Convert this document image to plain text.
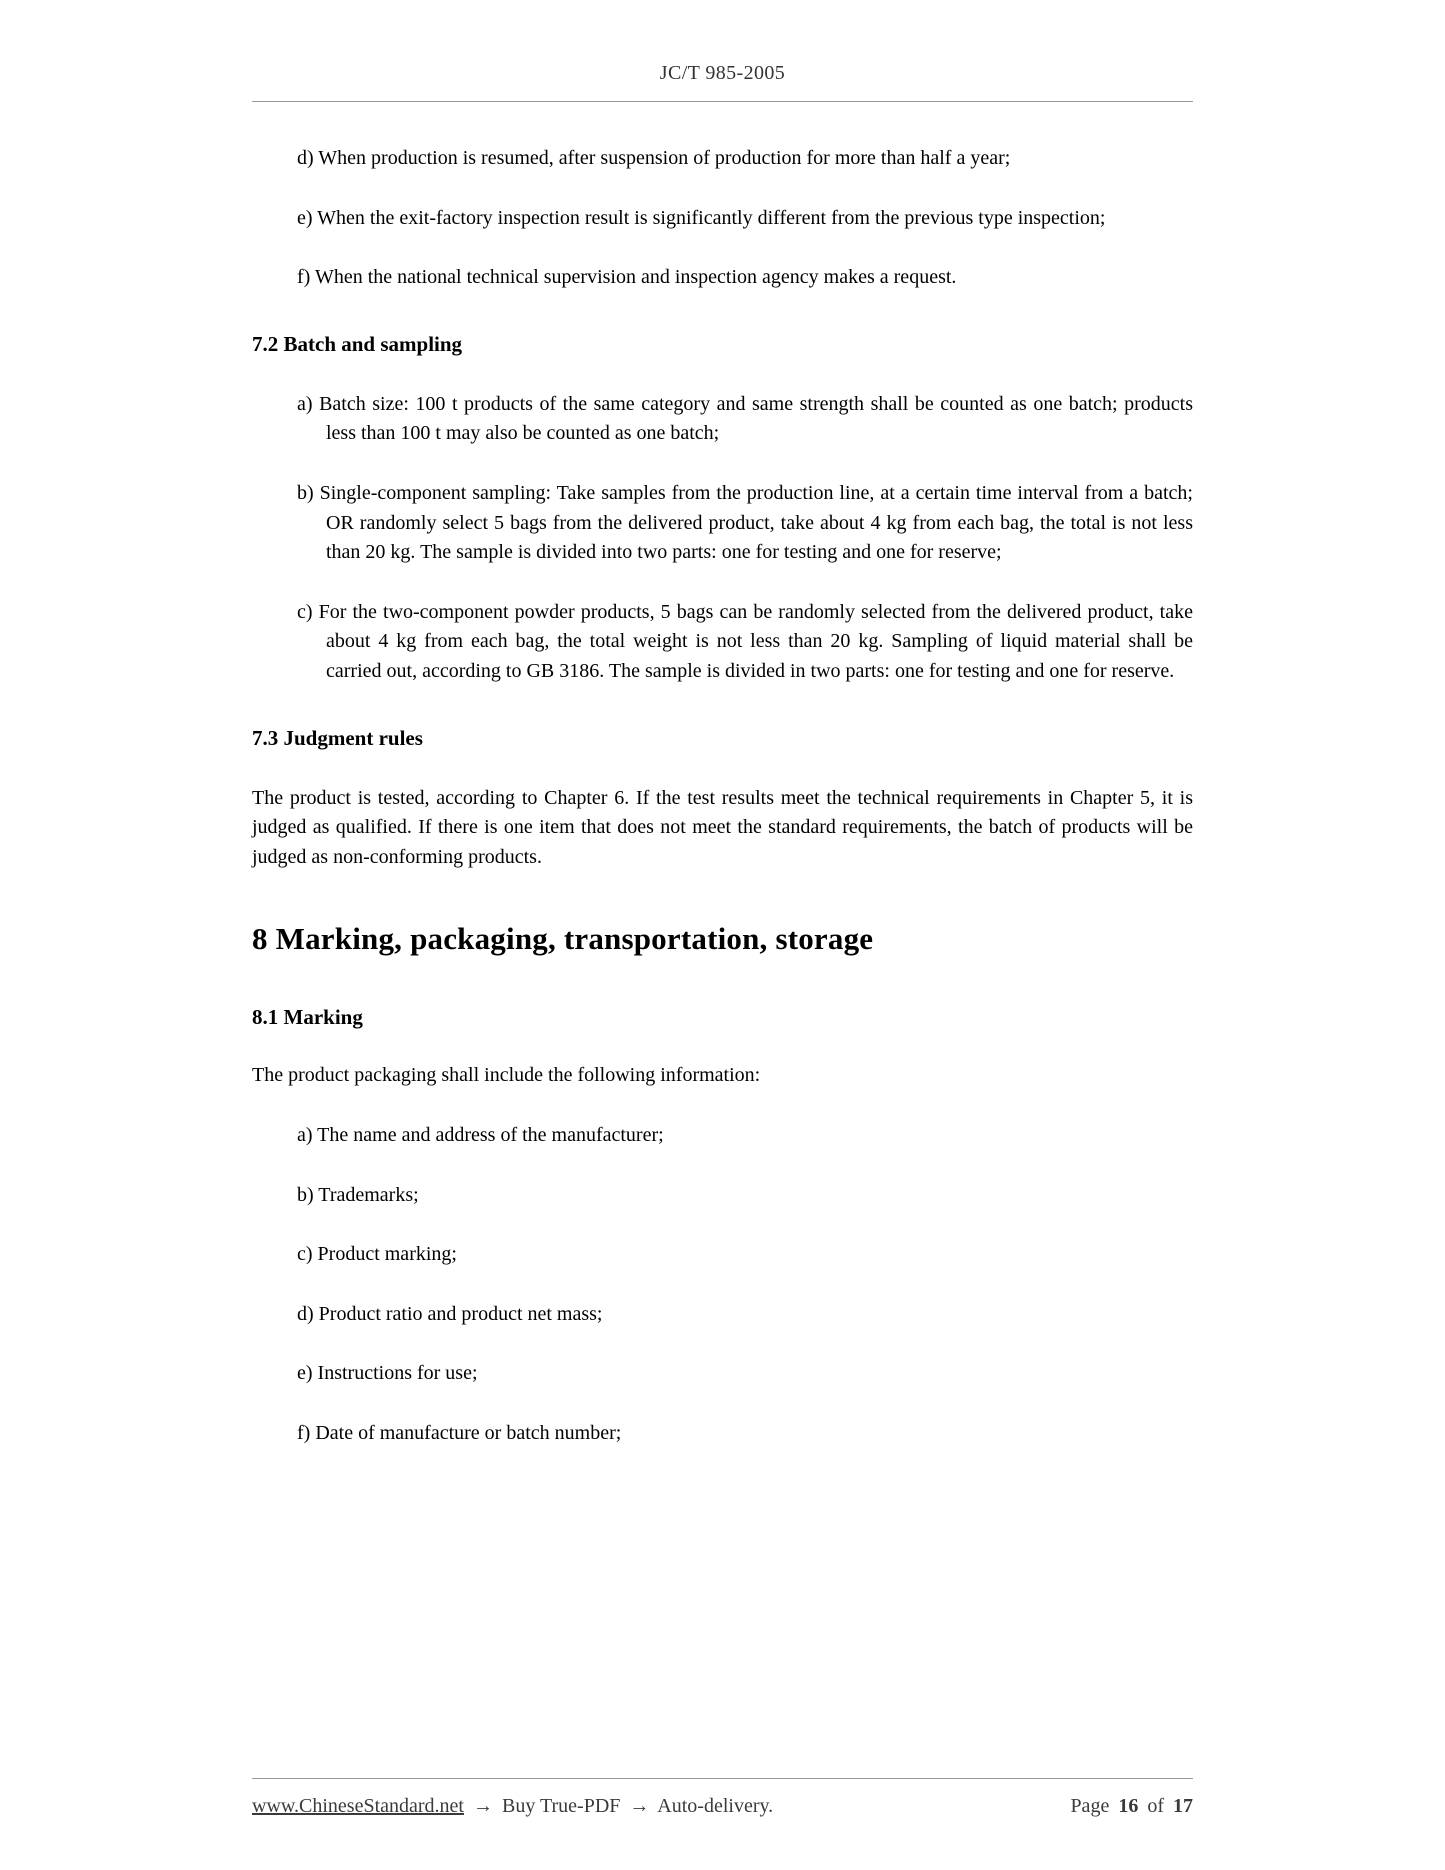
JC/T 985-2005

d) When production is resumed, after suspension of production for more than half a year;

e) When the exit-factory inspection result is significantly different from the previous type inspection;

f) When the national technical supervision and inspection agency makes a request.

7.2 Batch and sampling

a) Batch size: 100 t products of the same category and same strength shall be counted as one batch; products less than 100 t may also be counted as one batch;

b) Single-component sampling: Take samples from the production line, at a certain time interval from a batch; OR randomly select 5 bags from the delivered product, take about 4 kg from each bag, the total is not less than 20 kg. The sample is divided into two parts: one for testing and one for reserve;

c) For the two-component powder products, 5 bags can be randomly selected from the delivered product, take about 4 kg from each bag, the total weight is not less than 20 kg. Sampling of liquid material shall be carried out, according to GB 3186. The sample is divided in two parts: one for testing and one for reserve.

7.3 Judgment rules

The product is tested, according to Chapter 6. If the test results meet the technical requirements in Chapter 5, it is judged as qualified. If there is one item that does not meet the standard requirements, the batch of products will be judged as non-conforming products.

8 Marking, packaging, transportation, storage
8.1 Marking

The product packaging shall include the following information:

a) The name and address of the manufacturer;

b) Trademarks;

c) Product marking;

d) Product ratio and product net mass;

e) Instructions for use;

f) Date of manufacture or batch number;

www.ChineseStandard.net → Buy True-PDF → Auto-delivery.	Page 16 of 17
